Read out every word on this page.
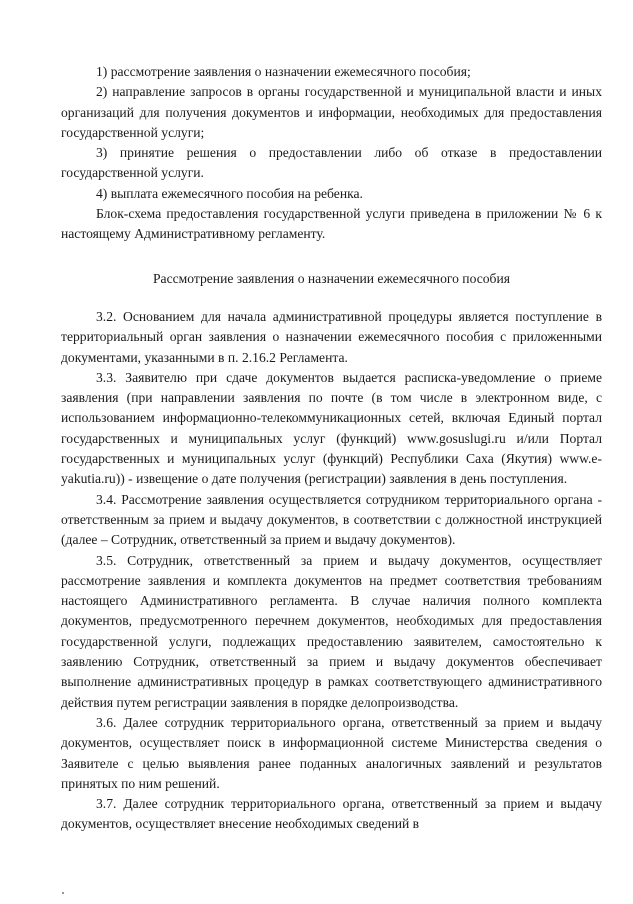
1) рассмотрение заявления о назначении ежемесячного пособия;

2) направление запросов в органы государственной и муниципальной власти и иных организаций для получения документов и информации, необходимых для предоставления государственной услуги;

3) принятие решения о предоставлении либо об отказе в предоставлении государственной услуги.

4) выплата ежемесячного пособия на ребенка.

Блок-схема предоставления государственной услуги приведена в приложении № 6 к настоящему Административному регламенту.

Рассмотрение заявления о назначении ежемесячного пособия

3.2. Основанием для начала административной процедуры является поступление в территориальный орган заявления о назначении ежемесячного пособия с приложенными документами, указанными в п. 2.16.2 Регламента.

3.3. Заявителю при сдаче документов выдается расписка-уведомление о приеме заявления (при направлении заявления по почте (в том числе в электронном виде, с использованием информационно-телекоммуникационных сетей, включая Единый портал государственных и муниципальных услуг (функций) www.gosuslugi.ru и/или Портал государственных и муниципальных услуг (функций) Республики Саха (Якутия) www.e-yakutia.ru)) - извещение о дате получения (регистрации) заявления в день поступления.

3.4. Рассмотрение заявления осуществляется сотрудником территориального органа - ответственным за прием и выдачу документов, в соответствии с должностной инструкцией (далее – Сотрудник, ответственный за прием и выдачу документов).

3.5. Сотрудник, ответственный за прием и выдачу документов, осуществляет рассмотрение заявления и комплекта документов на предмет соответствия требованиям настоящего Административного регламента. В случае наличия полного комплекта документов, предусмотренного перечнем документов, необходимых для предоставления государственной услуги, подлежащих предоставлению заявителем, самостоятельно к заявлению Сотрудник, ответственный за прием и выдачу документов обеспечивает выполнение административных процедур в рамках соответствующего административного действия путем регистрации заявления в порядке делопроизводства.

3.6. Далее сотрудник территориального органа, ответственный за прием и выдачу документов, осуществляет поиск в информационной системе Министерства сведения о Заявителе с целью выявления ранее поданных аналогичных заявлений и результатов принятых по ним решений.

3.7. Далее сотрудник территориального органа, ответственный за прием и выдачу документов, осуществляет внесение необходимых сведений в
